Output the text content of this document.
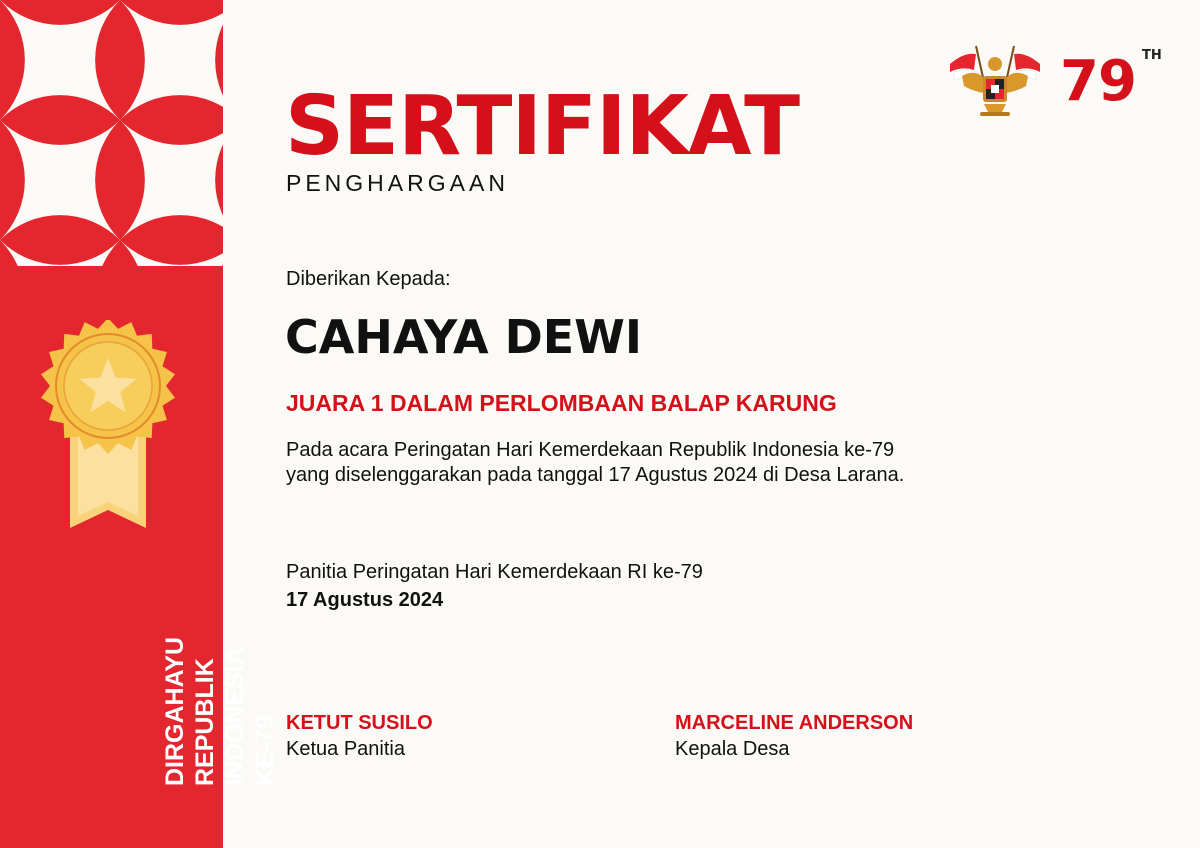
DIRGAHAYU REPUBLIK INDONESIA KE-79
79 TH
SERTIFIKAT
PENGHARGAAN
Diberikan Kepada:
CAHAYA DEWI
JUARA 1 DALAM PERLOMBAAN BALAP KARUNG
Pada acara Peringatan Hari Kemerdekaan Republik Indonesia ke-79 yang diselenggarakan pada tanggal 17 Agustus 2024 di Desa Larana.
Panitia Peringatan Hari Kemerdekaan RI ke-79
17 Agustus 2024
KETUT SUSILO
Ketua Panitia
MARCELINE ANDERSON
Kepala Desa
